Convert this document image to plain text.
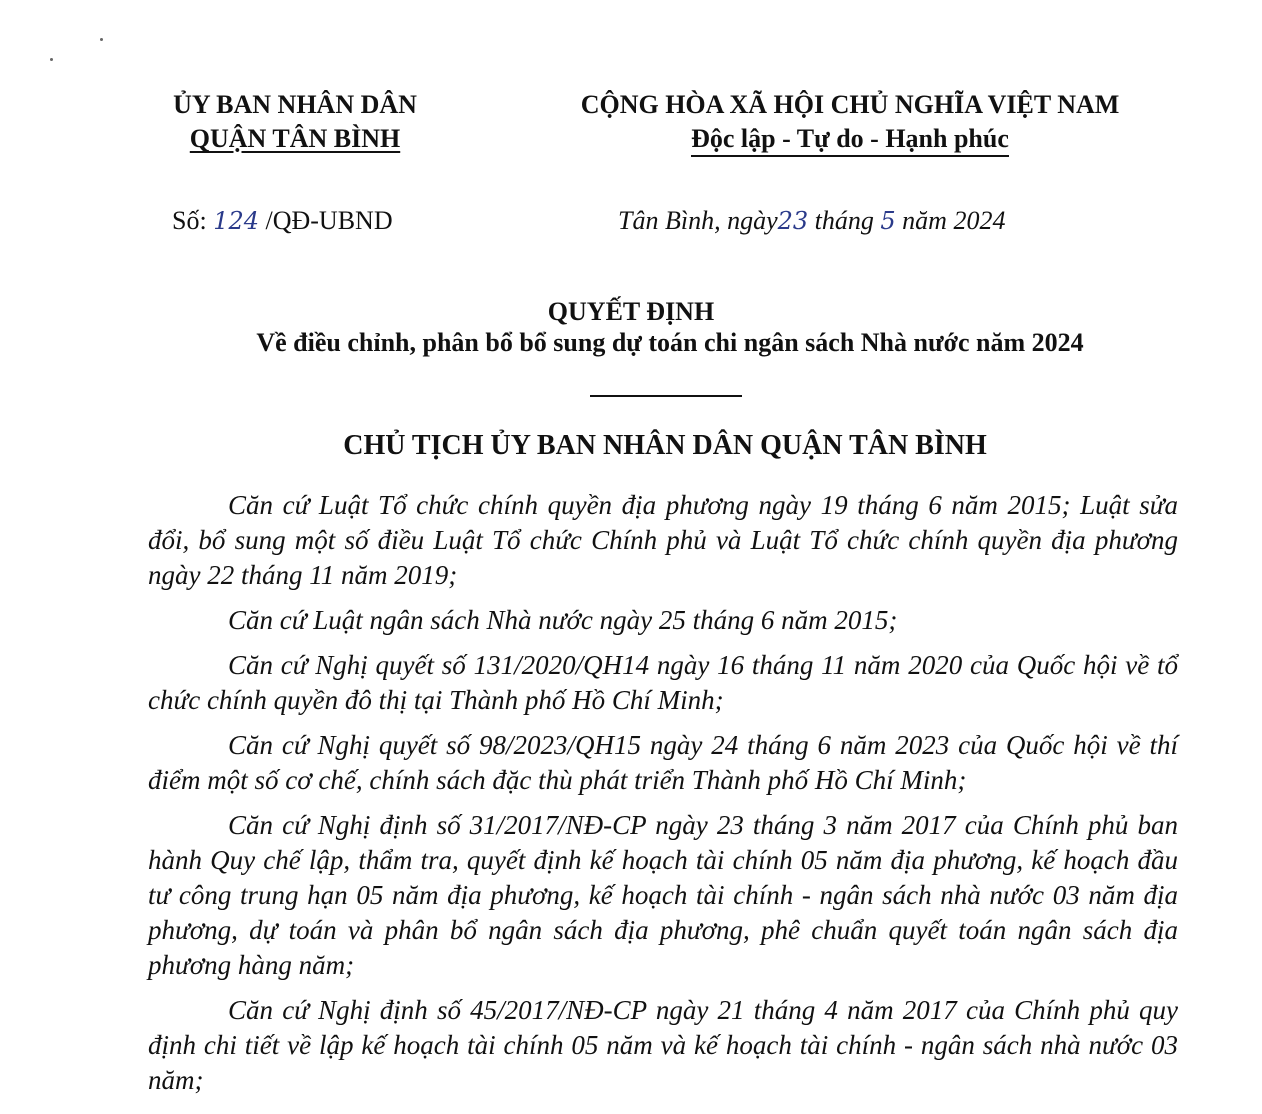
ỦY BAN NHÂN DÂN
QUẬN TÂN BÌNH
CỘNG HÒA XÃ HỘI CHỦ NGHĨA VIỆT NAM
Độc lập - Tự do - Hạnh phúc
Số: 124 /QĐ-UBND	Tân Bình, ngày23 tháng 5 năm 2024
QUYẾT ĐỊNH
Về điều chỉnh, phân bổ bổ sung dự toán chi ngân sách Nhà nước năm 2024
CHỦ TỊCH ỦY BAN NHÂN DÂN QUẬN TÂN BÌNH

Căn cứ Luật Tổ chức chính quyền địa phương ngày 19 tháng 6 năm 2015; Luật sửa đổi, bổ sung một số điều Luật Tổ chức Chính phủ và Luật Tổ chức chính quyền địa phương ngày 22 tháng 11 năm 2019;

Căn cứ Luật ngân sách Nhà nước ngày 25 tháng 6 năm 2015;

Căn cứ Nghị quyết số 131/2020/QH14 ngày 16 tháng 11 năm 2020 của Quốc hội về tổ chức chính quyền đô thị tại Thành phố Hồ Chí Minh;

Căn cứ Nghị quyết số 98/2023/QH15 ngày 24 tháng 6 năm 2023 của Quốc hội về thí điểm một số cơ chế, chính sách đặc thù phát triển Thành phố Hồ Chí Minh;

Căn cứ Nghị định số 31/2017/NĐ-CP ngày 23 tháng 3 năm 2017 của Chính phủ ban hành Quy chế lập, thẩm tra, quyết định kế hoạch tài chính 05 năm địa phương, kế hoạch đầu tư công trung hạn 05 năm địa phương, kế hoạch tài chính - ngân sách nhà nước 03 năm địa phương, dự toán và phân bổ ngân sách địa phương, phê chuẩn quyết toán ngân sách địa phương hàng năm;

Căn cứ Nghị định số 45/2017/NĐ-CP ngày 21 tháng 4 năm 2017 của Chính phủ quy định chi tiết về lập kế hoạch tài chính 05 năm và kế hoạch tài chính - ngân sách nhà nước 03 năm;
